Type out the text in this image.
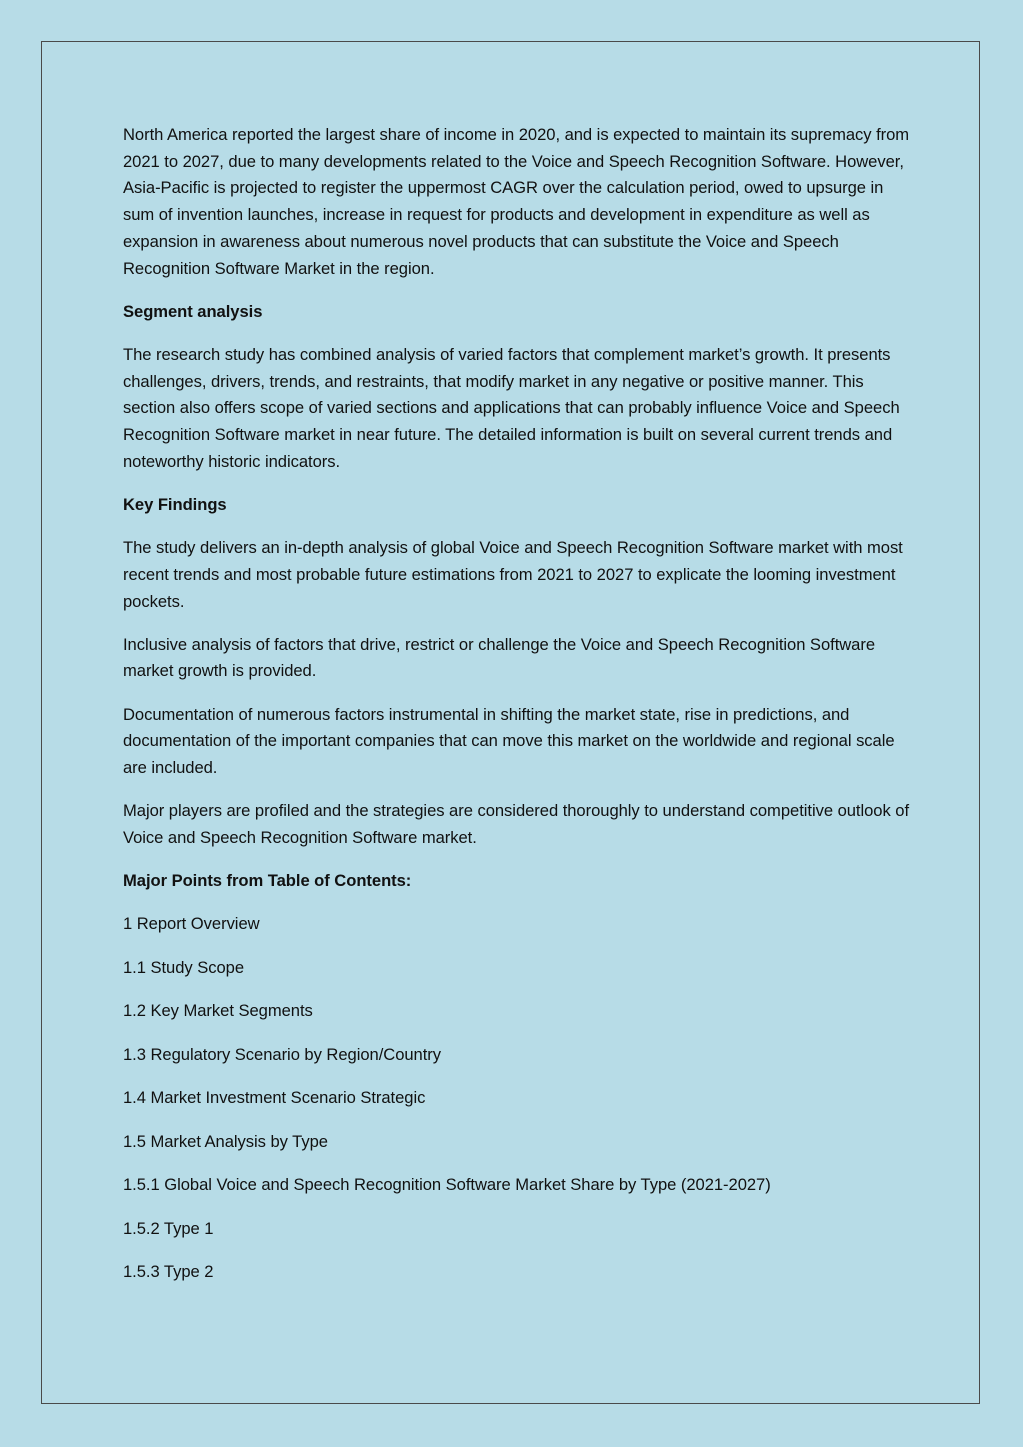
North America reported the largest share of income in 2020, and is expected to maintain its supremacy from 2021 to 2027, due to many developments related to the Voice and Speech Recognition Software. However, Asia-Pacific is projected to register the uppermost CAGR over the calculation period, owed to upsurge in sum of invention launches, increase in request for products and development in expenditure as well as expansion in awareness about numerous novel products that can substitute the Voice and Speech Recognition Software Market in the region.

Segment analysis

The research study has combined analysis of varied factors that complement market’s growth. It presents challenges, drivers, trends, and restraints, that modify market in any negative or positive manner. This section also offers scope of varied sections and applications that can probably influence Voice and Speech Recognition Software market in near future. The detailed information is built on several current trends and noteworthy historic indicators.

Key Findings

The study delivers an in-depth analysis of global Voice and Speech Recognition Software market with most recent trends and most probable future estimations from 2021 to 2027 to explicate the looming investment pockets.

Inclusive analysis of factors that drive, restrict or challenge the Voice and Speech Recognition Software market growth is provided.

Documentation of numerous factors instrumental in shifting the market state, rise in predictions, and documentation of the important companies that can move this market on the worldwide and regional scale are included.

Major players are profiled and the strategies are considered thoroughly to understand competitive outlook of Voice and Speech Recognition Software market.

Major Points from Table of Contents:
1 Report Overview
1.1 Study Scope
1.2 Key Market Segments
1.3 Regulatory Scenario by Region/Country
1.4 Market Investment Scenario Strategic
1.5 Market Analysis by Type
1.5.1 Global Voice and Speech Recognition Software Market Share by Type (2021-2027)
1.5.2 Type 1
1.5.3 Type 2
